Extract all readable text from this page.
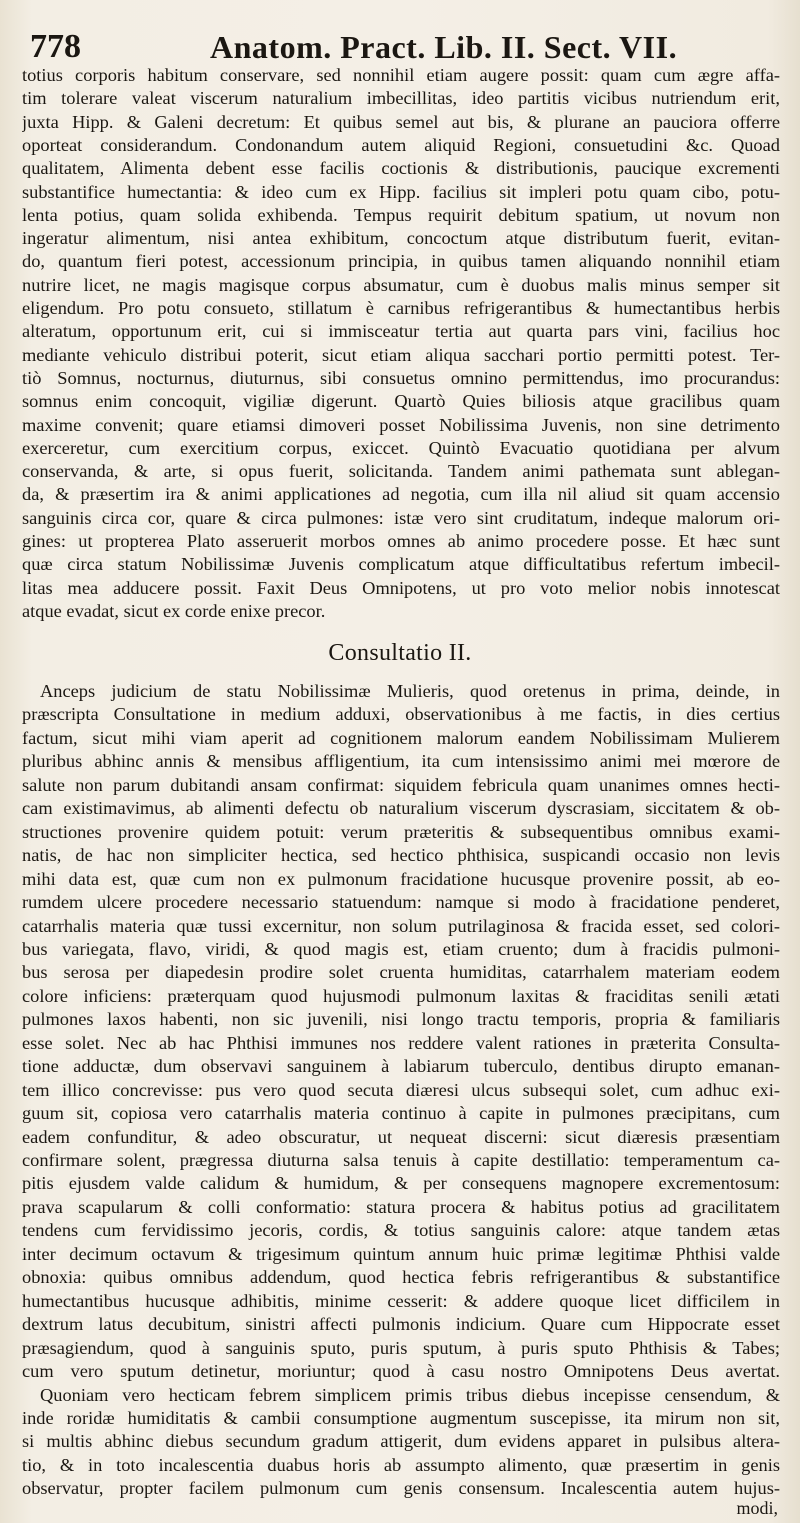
778	Anatom. Pract. Lib. II. Sect. VII.
totius corporis habitum conservare, sed nonnihil etiam augere possit: quam cum ægre affa-
tim tolerare valeat viscerum naturalium imbecillitas, ideo partitis vicibus nutriendum erit,
juxta Hipp. & Galeni decretum: Et quibus semel aut bis, & plurane an pauciora offerre
oporteat considerandum. Condonandum autem aliquid Regioni, consuetudini &c. Quoad
qualitatem, Alimenta debent esse facilis coctionis & distributionis, paucique excrementi
substantifice humectantia: & ideo cum ex Hipp. facilius sit impleri potu quam cibo, potu-
lenta potius, quam solida exhibenda. Tempus requirit debitum spatium, ut novum non
ingeratur alimentum, nisi antea exhibitum, concoctum atque distributum fuerit, evitan-
do, quantum fieri potest, accessionum principia, in quibus tamen aliquando nonnihil etiam
nutrire licet, ne magis magisque corpus absumatur, cum è duobus malis minus semper sit
eligendum. Pro potu consueto, stillatum è carnibus refrigerantibus & humectantibus herbis
alteratum, opportunum erit, cui si immisceatur tertia aut quarta pars vini, facilius hoc
mediante vehiculo distribui poterit, sicut etiam aliqua sacchari portio permitti potest. Ter-
tiò Somnus, nocturnus, diuturnus, sibi consuetus omnino permittendus, imo procurandus:
somnus enim concoquit, vigiliæ digerunt. Quartò Quies biliosis atque gracilibus quam
maxime convenit; quare etiamsi dimoveri posset Nobilissima Juvenis, non sine detrimento
exerceretur, cum exercitium corpus, exiccet. Quintò Evacuatio quotidiana per alvum
conservanda, & arte, si opus fuerit, solicitanda. Tandem animi pathemata sunt ablegan-
da, & præsertim ira & animi applicationes ad negotia, cum illa nil aliud sit quam accensio
sanguinis circa cor, quare & circa pulmones: istæ vero sint cruditatum, indeque malorum ori-
gines: ut propterea Plato asseruerit morbos omnes ab animo procedere posse. Et hæc sunt
quæ circa statum Nobilissimæ Juvenis complicatum atque difficultatibus refertum imbecil-
litas mea adducere possit. Faxit Deus Omnipotens, ut pro voto melior nobis innotescat
atque evadat, sicut ex corde enixe precor.
Consultatio II.
Anceps judicium de statu Nobilissimæ Mulieris, quod oretenus in prima, deinde, in
præscripta Consultatione in medium adduxi, observationibus à me factis, in dies certius
factum, sicut mihi viam aperit ad cognitionem malorum eandem Nobilissimam Mulierem
pluribus abhinc annis & mensibus affligentium, ita cum intensissimo animi mei mœrore de
salute non parum dubitandi ansam confirmat: siquidem febricula quam unanimes omnes hecti-
cam existimavimus, ab alimenti defectu ob naturalium viscerum dyscrasiam, siccitatem & ob-
structiones provenire quidem potuit: verum præteritis & subsequentibus omnibus exami-
natis, de hac non simpliciter hectica, sed hectico phthisica, suspicandi occasio non levis
mihi data est, quæ cum non ex pulmonum fracidatione hucusque provenire possit, ab eo-
rumdem ulcere procedere necessario statuendum: namque si modo à fracidatione penderet,
catarrhalis materia quæ tussi excernitur, non solum putrilaginosa & fracida esset, sed colori-
bus variegata, flavo, viridi, & quod magis est, etiam cruento; dum à fracidis pulmoni-
bus serosa per diapedesin prodire solet cruenta humiditas, catarrhalem materiam eodem
colore inficiens: præterquam quod hujusmodi pulmonum laxitas & fraciditas senili ætati
pulmones laxos habenti, non sic juvenili, nisi longo tractu temporis, propria & familiaris
esse solet. Nec ab hac Phthisi immunes nos reddere valent rationes in præterita Consulta-
tione adductæ, dum observavi sanguinem à labiarum tuberculo, dentibus dirupto emanan-
tem illico concrevisse: pus vero quod secuta diæresi ulcus subsequi solet, cum adhuc exi-
guum sit, copiosa vero catarrhalis materia continuo à capite in pulmones præcipitans, cum
eadem confunditur, & adeo obscuratur, ut nequeat discerni: sicut diæresis præsentiam
confirmare solent, prægressa diuturna salsa tenuis à capite destillatio: temperamentum ca-
pitis ejusdem valde calidum & humidum, & per consequens magnopere excrementosum:
prava scapularum & colli conformatio: statura procera & habitus potius ad gracilitatem
tendens cum fervidissimo jecoris, cordis, & totius sanguinis calore: atque tandem ætas
inter decimum octavum & trigesimum quintum annum huic primæ legitimæ Phthisi valde
obnoxia: quibus omnibus addendum, quod hectica febris refrigerantibus & substantifice
humectantibus hucusque adhibitis, minime cesserit: & addere quoque licet difficilem in
dextrum latus decubitum, sinistri affecti pulmonis indicium. Quare cum Hippocrate esset
præsagiendum, quod à sanguinis sputo, puris sputum, à puris sputo Phthisis & Tabes;
cum vero sputum detinetur, moriuntur; quod à casu nostro Omnipotens Deus avertat.
Quoniam vero hecticam febrem simplicem primis tribus diebus incepisse censendum, &
inde roridæ humiditatis & cambii consumptione augmentum suscepisse, ita mirum non sit,
si multis abhinc diebus secundum gradum attigerit, dum evidens apparet in pulsibus altera-
tio, & in toto incalescentia duabus horis ab assumpto alimento, quæ præsertim in genis
observatur, propter facilem pulmonum cum genis consensum. Incalescentia autem hujus-
modi,
